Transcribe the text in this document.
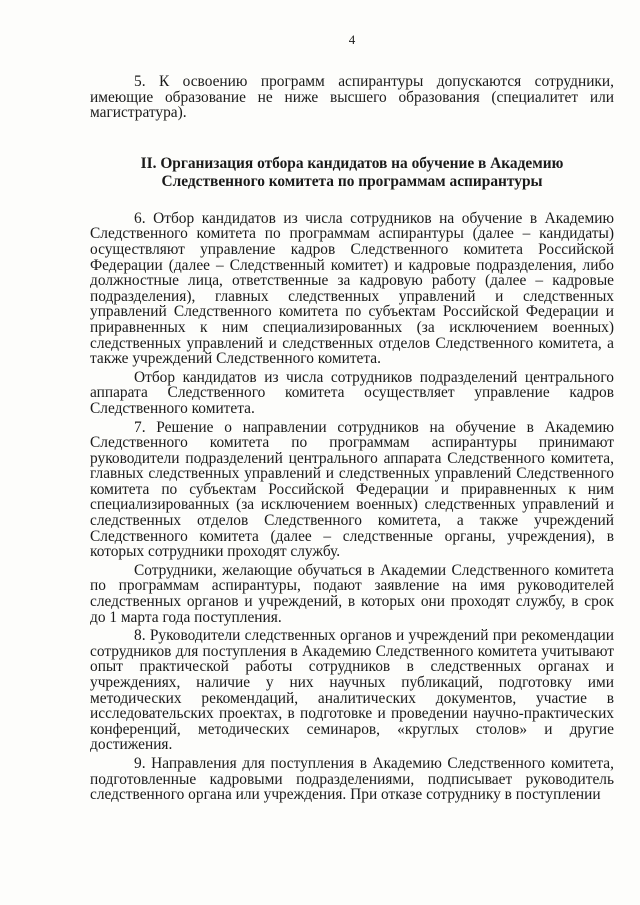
4

5. К освоению программ аспирантуры допускаются сотрудники, имеющие образование не ниже высшего образования (специалитет или магистратура).

II. Организация отбора кандидатов на обучение в Академию Следственного комитета по программам аспирантуры

6. Отбор кандидатов из числа сотрудников на обучение в Академию Следственного комитета по программам аспирантуры (далее – кандидаты) осуществляют управление кадров Следственного комитета Российской Федерации (далее – Следственный комитет) и кадровые подразделения, либо должностные лица, ответственные за кадровую работу (далее – кадровые подразделения), главных следственных управлений и следственных управлений Следственного комитета по субъектам Российской Федерации и приравненных к ним специализированных (за исключением военных) следственных управлений и следственных отделов Следственного комитета, а также учреждений Следственного комитета.

Отбор кандидатов из числа сотрудников подразделений центрального аппарата Следственного комитета осуществляет управление кадров Следственного комитета.

7. Решение о направлении сотрудников на обучение в Академию Следственного комитета по программам аспирантуры принимают руководители подразделений центрального аппарата Следственного комитета, главных следственных управлений и следственных управлений Следственного комитета по субъектам Российской Федерации и приравненных к ним специализированных (за исключением военных) следственных управлений и следственных отделов Следственного комитета, а также учреждений Следственного комитета (далее – следственные органы, учреждения), в которых сотрудники проходят службу.

Сотрудники, желающие обучаться в Академии Следственного комитета по программам аспирантуры, подают заявление на имя руководителей следственных органов и учреждений, в которых они проходят службу, в срок до 1 марта года поступления.

8. Руководители следственных органов и учреждений при рекомендации сотрудников для поступления в Академию Следственного комитета учитывают опыт практической работы сотрудников в следственных органах и учреждениях, наличие у них научных публикаций, подготовку ими методических рекомендаций, аналитических документов, участие в исследовательских проектах, в подготовке и проведении научно-практических конференций, методических семинаров, «круглых столов» и другие достижения.

9. Направления для поступления в Академию Следственного комитета, подготовленные кадровыми подразделениями, подписывает руководитель следственного органа или учреждения. При отказе сотруднику в поступлении
